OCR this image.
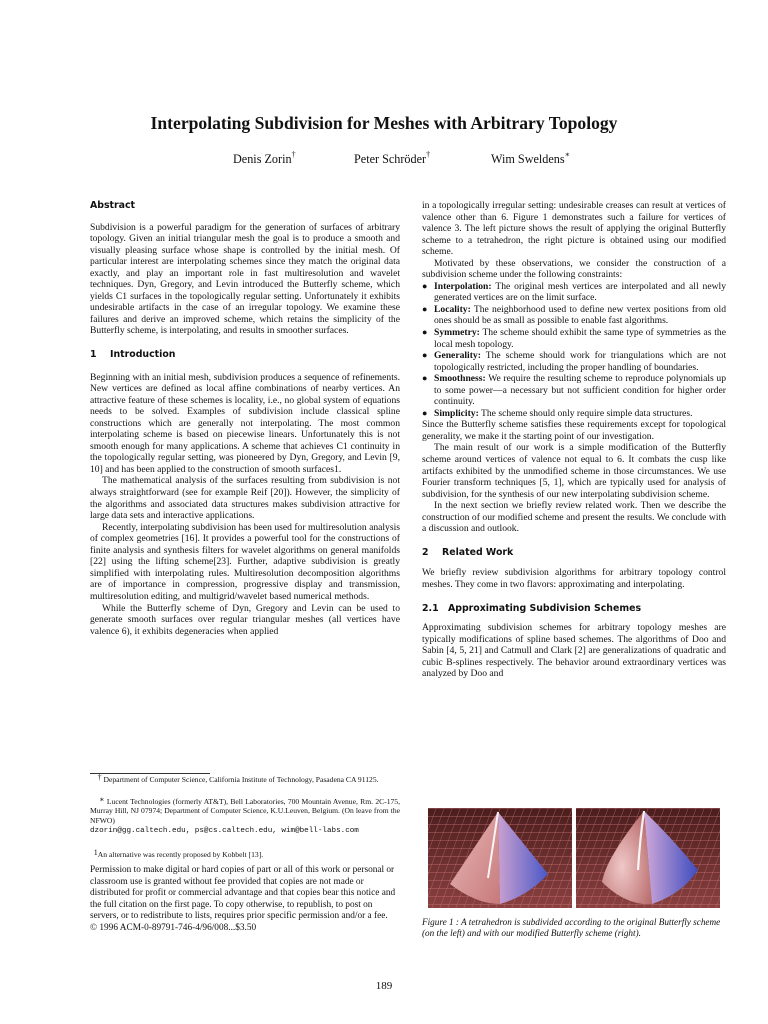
Interpolating Subdivision for Meshes with Arbitrary Topology
Denis Zorin†	Peter Schröder†	Wim Sweldens∗

Abstract

Subdivision is a powerful paradigm for the generation of surfaces of arbitrary topology. Given an initial triangular mesh the goal is to produce a smooth and visually pleasing surface whose shape is controlled by the initial mesh. Of particular interest are interpolating schemes since they match the original data exactly, and play an important role in fast multiresolution and wavelet techniques. Dyn, Gregory, and Levin introduced the Butterfly scheme, which yields C1 surfaces in the topologically regular setting. Unfortunately it exhibits undesirable artifacts in the case of an irregular topology. We examine these failures and derive an improved scheme, which retains the simplicity of the Butterfly scheme, is interpolating, and results in smoother surfaces.

1 Introduction

Beginning with an initial mesh, subdivision produces a sequence of refinements. New vertices are defined as local affine combinations of nearby vertices. An attractive feature of these schemes is locality, i.e., no global system of equations needs to be solved. Examples of subdivision include classical spline constructions which are generally not interpolating. The most common interpolating scheme is based on piecewise linears. Unfortunately this is not smooth enough for many applications. A scheme that achieves C1 continuity in the topologically regular setting, was pioneered by Dyn, Gregory, and Levin [9, 10] and has been applied to the construction of smooth surfaces1.

The mathematical analysis of the surfaces resulting from subdivision is not always straightforward (see for example Reif [20]). However, the simplicity of the algorithms and associated data structures makes subdivision attractive for large data sets and interactive applications.

Recently, interpolating subdivision has been used for multiresolution analysis of complex geometries [16]. It provides a powerful tool for the constructions of finite analysis and synthesis filters for wavelet algorithms on general manifolds [22] using the lifting scheme[23]. Further, adaptive subdivision is greatly simplified with interpolating rules. Multiresolution decomposition algorithms are of importance in compression, progressive display and transmission, multiresolution editing, and multigrid/wavelet based numerical methods.

While the Butterfly scheme of Dyn, Gregory and Levin can be used to generate smooth surfaces over regular triangular meshes (all vertices have valence 6), it exhibits degeneracies when applied

† Department of Computer Science, California Institute of Technology, Pasadena CA 91125.
∗ Lucent Technologies (formerly AT&T), Bell Laboratories, 700 Mountain Avenue, Rm. 2C-175, Murray Hill, NJ 07974; Department of Computer Science, K.U.Leuven, Belgium. (On leave from the NFWO)
dzorin@gg.caltech.edu, ps@cs.caltech.edu, wim@bell-labs.com
1An alternative was recently proposed by Kobbelt [13].
Permission to make digital or hard copies of part or all of this work or personal or classroom use is granted without fee provided that copies are not made or distributed for profit or commercial advantage and that copies bear this notice and the full citation on the first page. To copy otherwise, to republish, to post on servers, or to redistribute to lists, requires prior specific permission and/or a fee.
© 1996 ACM-0-89791-746-4/96/008...$3.50

in a topologically irregular setting: undesirable creases can result at vertices of valence other than 6. Figure 1 demonstrates such a failure for vertices of valence 3. The left picture shows the result of applying the original Butterfly scheme to a tetrahedron, the right picture is obtained using our modified scheme.

Motivated by these observations, we consider the construction of a subdivision scheme under the following constraints:

● Interpolation: The original mesh vertices are interpolated and all newly generated vertices are on the limit surface.
● Locality: The neighborhood used to define new vertex positions from old ones should be as small as possible to enable fast algorithms.
● Symmetry: The scheme should exhibit the same type of symmetries as the local mesh topology.
● Generality: The scheme should work for triangulations which are not topologically restricted, including the proper handling of boundaries.
● Smoothness: We require the resulting scheme to reproduce polynomials up to some power—a necessary but not sufficient condition for higher order continuity.
● Simplicity: The scheme should only require simple data structures.

Since the Butterfly scheme satisfies these requirements except for topological generality, we make it the starting point of our investigation.

The main result of our work is a simple modification of the Butterfly scheme around vertices of valence not equal to 6. It combats the cusp like artifacts exhibited by the unmodified scheme in those circumstances. We use Fourier transform techniques [5, 1], which are typically used for analysis of subdivision, for the synthesis of our new interpolating subdivision scheme.

In the next section we briefly review related work. Then we describe the construction of our modified scheme and present the results. We conclude with a discussion and outlook.

2 Related Work

We briefly review subdivision algorithms for arbitrary topology control meshes. They come in two flavors: approximating and interpolating.

2.1 Approximating Subdivision Schemes

Approximating subdivision schemes for arbitrary topology meshes are typically modifications of spline based schemes. The algorithms of Doo and Sabin [4, 5, 21] and Catmull and Clark [2] are generalizations of quadratic and cubic B-splines respectively. The behavior around extraordinary vertices was analyzed by Doo and

Figure 1 : A tetrahedron is subdivided according to the original Butterfly scheme (on the left) and with our modified Butterfly scheme (right).
189
